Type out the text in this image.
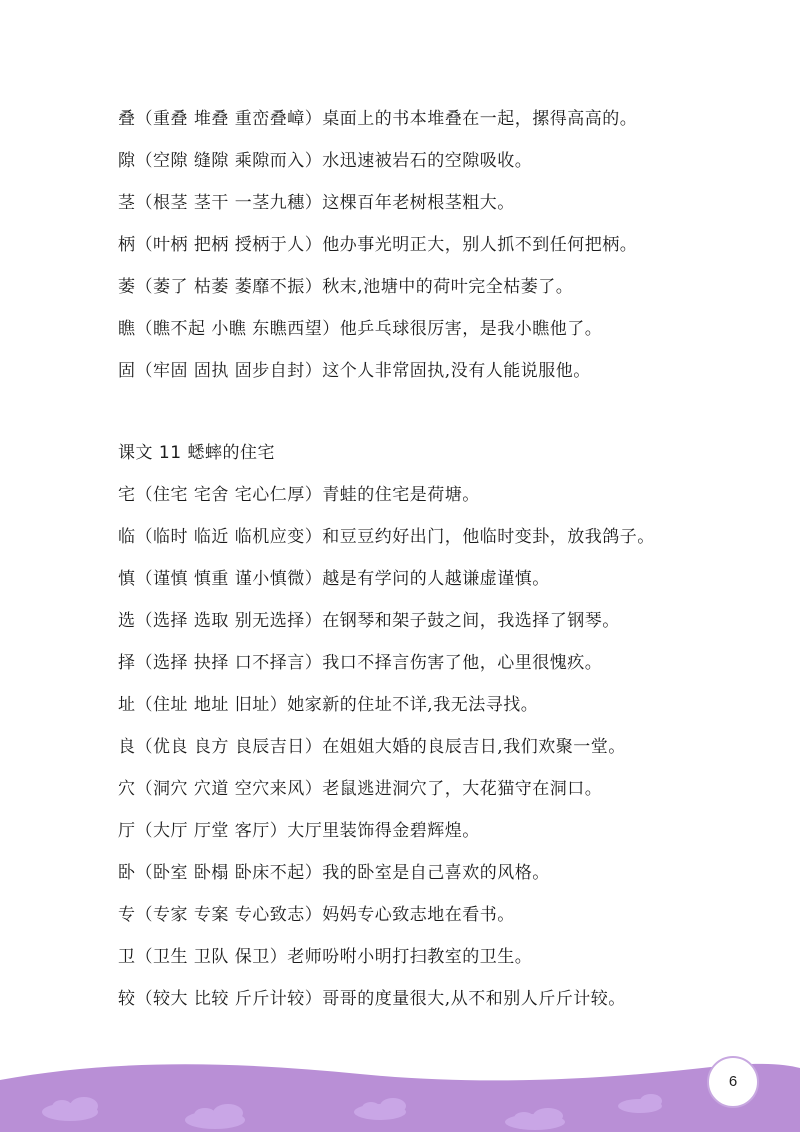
叠（重叠 堆叠 重峦叠嶂）桌面上的书本堆叠在一起，摞得高高的。
隙（空隙 缝隙 乘隙而入）水迅速被岩石的空隙吸收。
茎（根茎 茎干 一茎九穗）这棵百年老树根茎粗大。
柄（叶柄 把柄 授柄于人）他办事光明正大，别人抓不到任何把柄。
萎（萎了 枯萎 萎靡不振）秋末,池塘中的荷叶完全枯萎了。
瞧（瞧不起 小瞧 东瞧西望）他乒乓球很厉害，是我小瞧他了。
固（牢固 固执 固步自封）这个人非常固执,没有人能说服他。
课文 11 蟋蟀的住宅
宅（住宅 宅舍 宅心仁厚）青蛙的住宅是荷塘。
临（临时 临近 临机应变）和豆豆约好出门，他临时变卦，放我鸽子。
慎（谨慎 慎重 谨小慎微）越是有学问的人越谦虚谨慎。
选（选择 选取 别无选择）在钢琴和架子鼓之间，我选择了钢琴。
择（选择 抉择 口不择言）我口不择言伤害了他，心里很愧疚。
址（住址 地址 旧址）她家新的住址不详,我无法寻找。
良（优良 良方 良辰吉日）在姐姐大婚的良辰吉日,我们欢聚一堂。
穴（洞穴 穴道 空穴来风）老鼠逃进洞穴了，大花猫守在洞口。
厅（大厅 厅堂 客厅）大厅里装饰得金碧辉煌。
卧（卧室 卧榻 卧床不起）我的卧室是自己喜欢的风格。
专（专家 专案 专心致志）妈妈专心致志地在看书。
卫（卫生 卫队 保卫）老师吩咐小明打扫教室的卫生。
较（较大 比较 斤斤计较）哥哥的度量很大,从不和别人斤斤计较。
6
